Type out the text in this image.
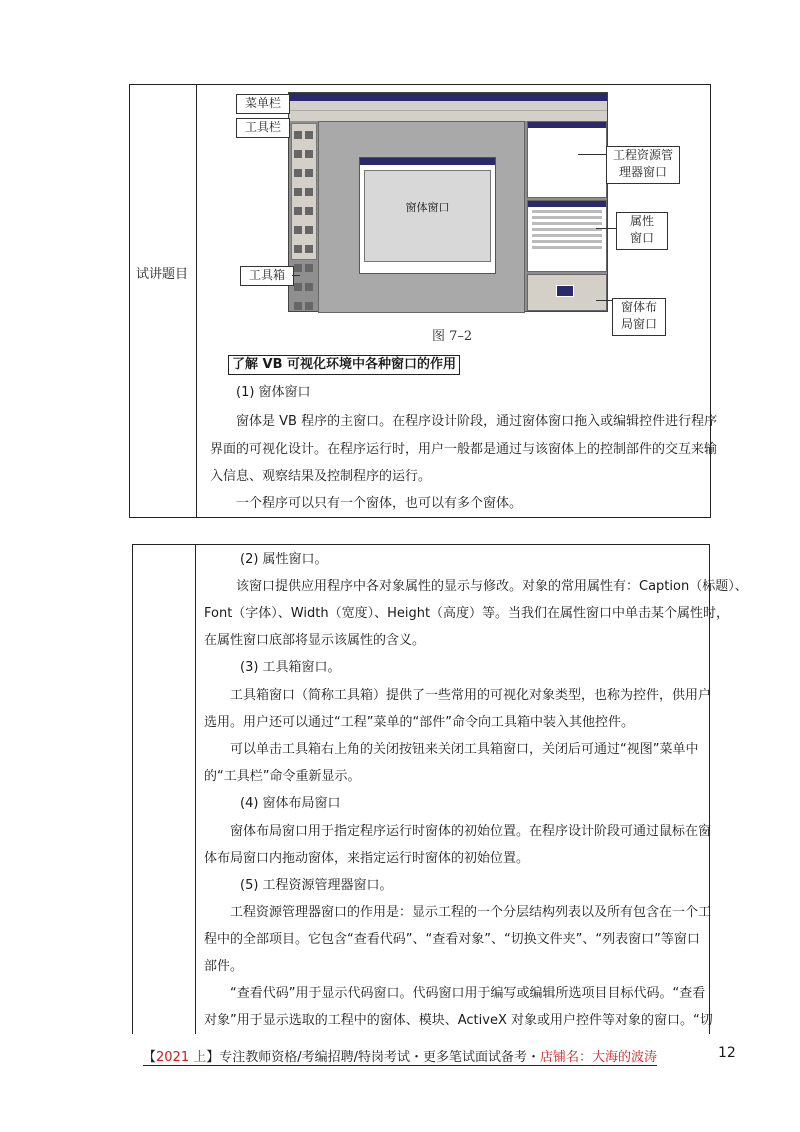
试讲题目
窗体窗口
菜单栏
工具栏
工具箱
工程资源管
理器窗口
属性
窗口
窗体布
局窗口
图 7–2
了解 VB 可视化环境中各种窗口的作用
(1) 窗体窗口
窗体是 VB 程序的主窗口。在程序设计阶段，通过窗体窗口拖入或编辑控件进行程序
界面的可视化设计。在程序运行时，用户一般都是通过与该窗体上的控制部件的交互来输
入信息、观察结果及控制程序的运行。
一个程序可以只有一个窗体，也可以有多个窗体。
(2) 属性窗口。
该窗口提供应用程序中各对象属性的显示与修改。对象的常用属性有：Caption（标题）、
Font（字体）、Width（宽度）、Height（高度）等。当我们在属性窗口中单击某个属性时，
在属性窗口底部将显示该属性的含义。
(3) 工具箱窗口。
工具箱窗口（简称工具箱）提供了一些常用的可视化对象类型，也称为控件，供用户
选用。用户还可以通过“工程”菜单的“部件”命令向工具箱中装入其他控件。
可以单击工具箱右上角的关闭按钮来关闭工具箱窗口，关闭后可通过“视图”菜单中
的“工具栏”命令重新显示。
(4) 窗体布局窗口
窗体布局窗口用于指定程序运行时窗体的初始位置。在程序设计阶段可通过鼠标在窗
体布局窗口内拖动窗体，来指定运行时窗体的初始位置。
(5) 工程资源管理器窗口。
工程资源管理器窗口的作用是：显示工程的一个分层结构列表以及所有包含在一个工
程中的全部项目。它包含“查看代码”、“查看对象”、“切换文件夹”、“列表窗口”等窗口
部件。
“查看代码”用于显示代码窗口。代码窗口用于编写或编辑所选项目目标代码。“查看
对象”用于显示选取的工程中的窗体、模块、ActiveX 对象或用户控件等对象的窗口。“切
【2021 上】专注教师资格/考编招聘/特岗考试・更多笔试面试备考・店铺名：大海的波涛	12
